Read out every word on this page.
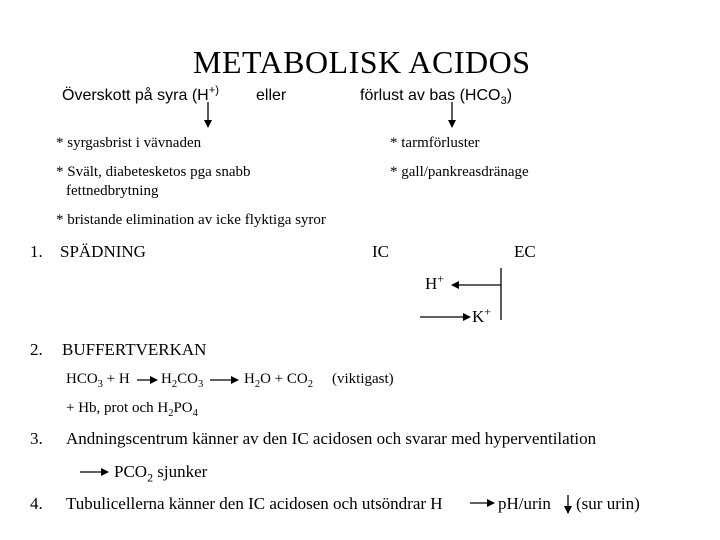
METABOLISK ACIDOS
Överskott på syra (H+) eller	förlust av bas $(HCO_3)$
* syrgasbrist i vävnaden
* Svält, diabetesketos pga snabb
fettnedbrytning
* bristande elimination av icke flyktiga syror
* tarmförluster
* gall/pankreasdränage
1. SPÄDNING	IC	EC
H+
K+
2. BUFFERTVERKAN
$HCO_3 + H$ $H_2CO_3$	$H_2O + CO_2$ (viktigast)
+ Hb, prot och $H_2PO_4$
3. Andningscentrum känner av den IC acidosen och svarar med hyperventilation
$PCO_2$ sjunker
4. Tubulicellerna känner den IC acidosen och utsöndrar H	pH/urin (sur urin)
